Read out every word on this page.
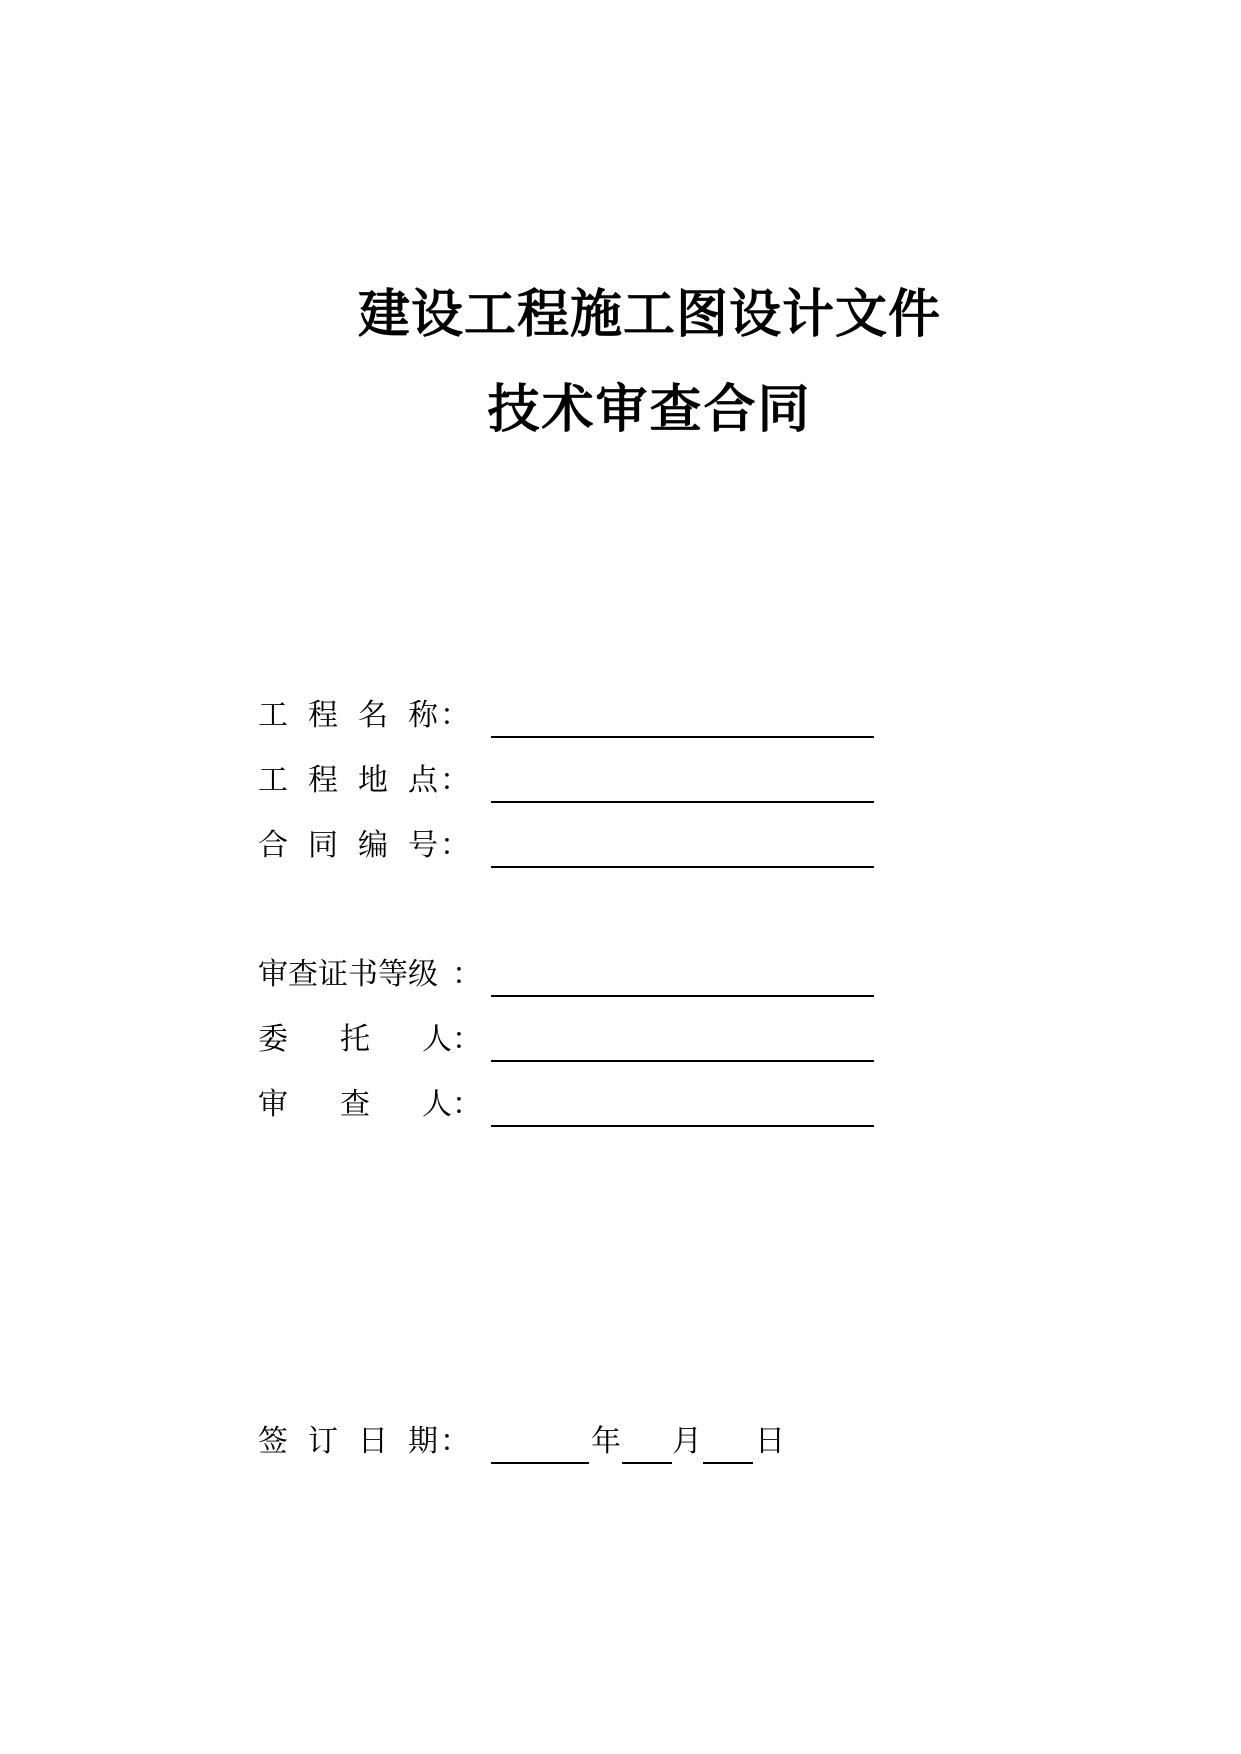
建设工程施工图设计文件
技术审查合同
工 程 名 称 ：
工 程 地 点 ：
合 同 编 号 ：
审查证书等级 ：
委 托 人 ：
审 查 人 ：
签 订 日 期 ：	年 月 日
